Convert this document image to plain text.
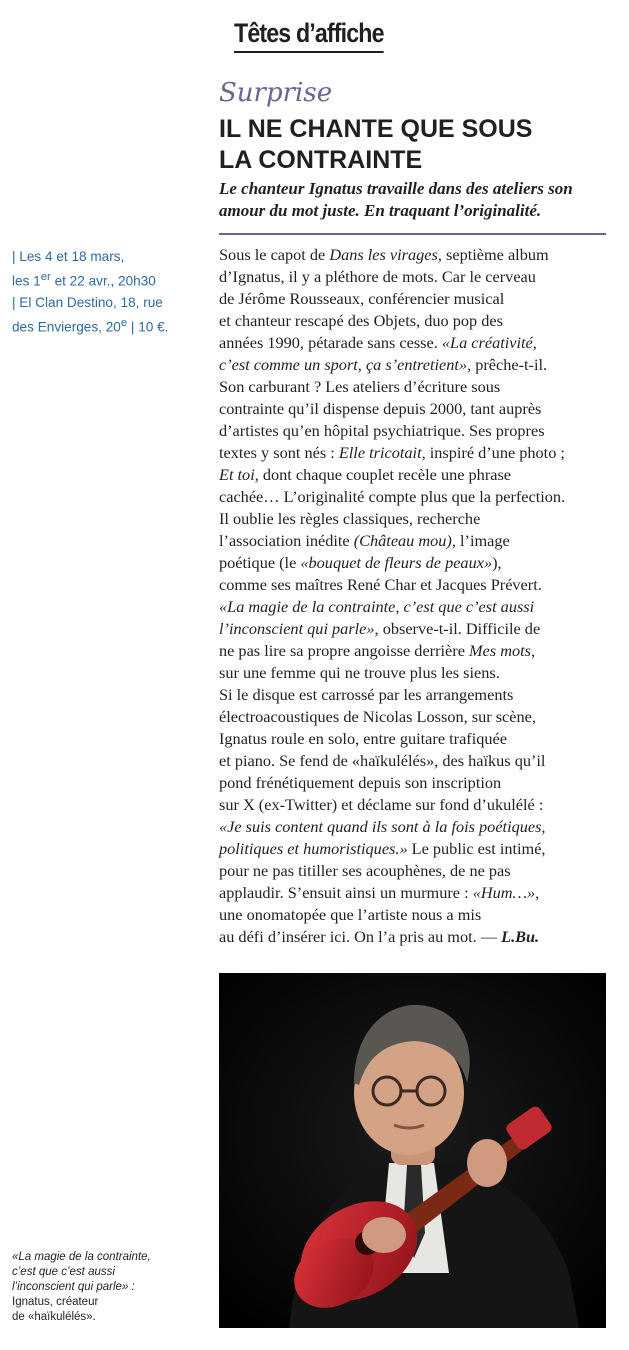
Têtes d’affiche
Surprise
IL NE CHANTE QUE SOUS
LA CONTRAINTE
Le chanteur Ignatus travaille dans des ateliers son
amour du mot juste. En traquant l’originalité.
| Les 4 et 18 mars,
les 1er et 22 avr., 20h30
| El Clan Destino, 18, rue
des Envierges, 20e | 10 €.
Sous le capot de Dans les virages, septième album
d’Ignatus, il y a pléthore de mots. Car le cerveau
de Jérôme Rousseaux, conférencier musical
et chanteur rescapé des Objets, duo pop des
années 1990, pétarade sans cesse. «La créativité,
c’est comme un sport, ça s’entretient», prêche-t-il.
Son carburant ? Les ateliers d’écriture sous
contrainte qu’il dispense depuis 2000, tant auprès
d’artistes qu’en hôpital psychiatrique. Ses propres
textes y sont nés : Elle tricotait, inspiré d’une photo ;
Et toi, dont chaque couplet recèle une phrase
cachée… L’originalité compte plus que la perfection.
Il oublie les règles classiques, recherche
l’association inédite (Château mou), l’image
poétique (le «bouquet de fleurs de peaux»),
comme ses maîtres René Char et Jacques Prévert.
«La magie de la contrainte, c’est que c’est aussi
l’inconscient qui parle», observe-t-il. Difficile de
ne pas lire sa propre angoisse derrière Mes mots,
sur une femme qui ne trouve plus les siens.
Si le disque est carrossé par les arrangements
électroacoustiques de Nicolas Losson, sur scène,
Ignatus roule en solo, entre guitare trafiquée
et piano. Se fend de «haïkulélés», des haïkus qu’il
pond frénétiquement depuis son inscription
sur X (ex-Twitter) et déclame sur fond d’ukulélé :
«Je suis content quand ils sont à la fois poétiques,
politiques et humoristiques.» Le public est intimé,
pour ne pas titiller ses acouphènes, de ne pas
applaudir. S’ensuit ainsi un murmure : «Hum…»,
une onomatopée que l’artiste nous a mis
au défi d’insérer ici. On l’a pris au mot. — L.Bu.
«La magie de la contrainte,
c’est que c’est aussi
l’inconscient qui parle» :
Ignatus, créateur
de «haïkulélés».
